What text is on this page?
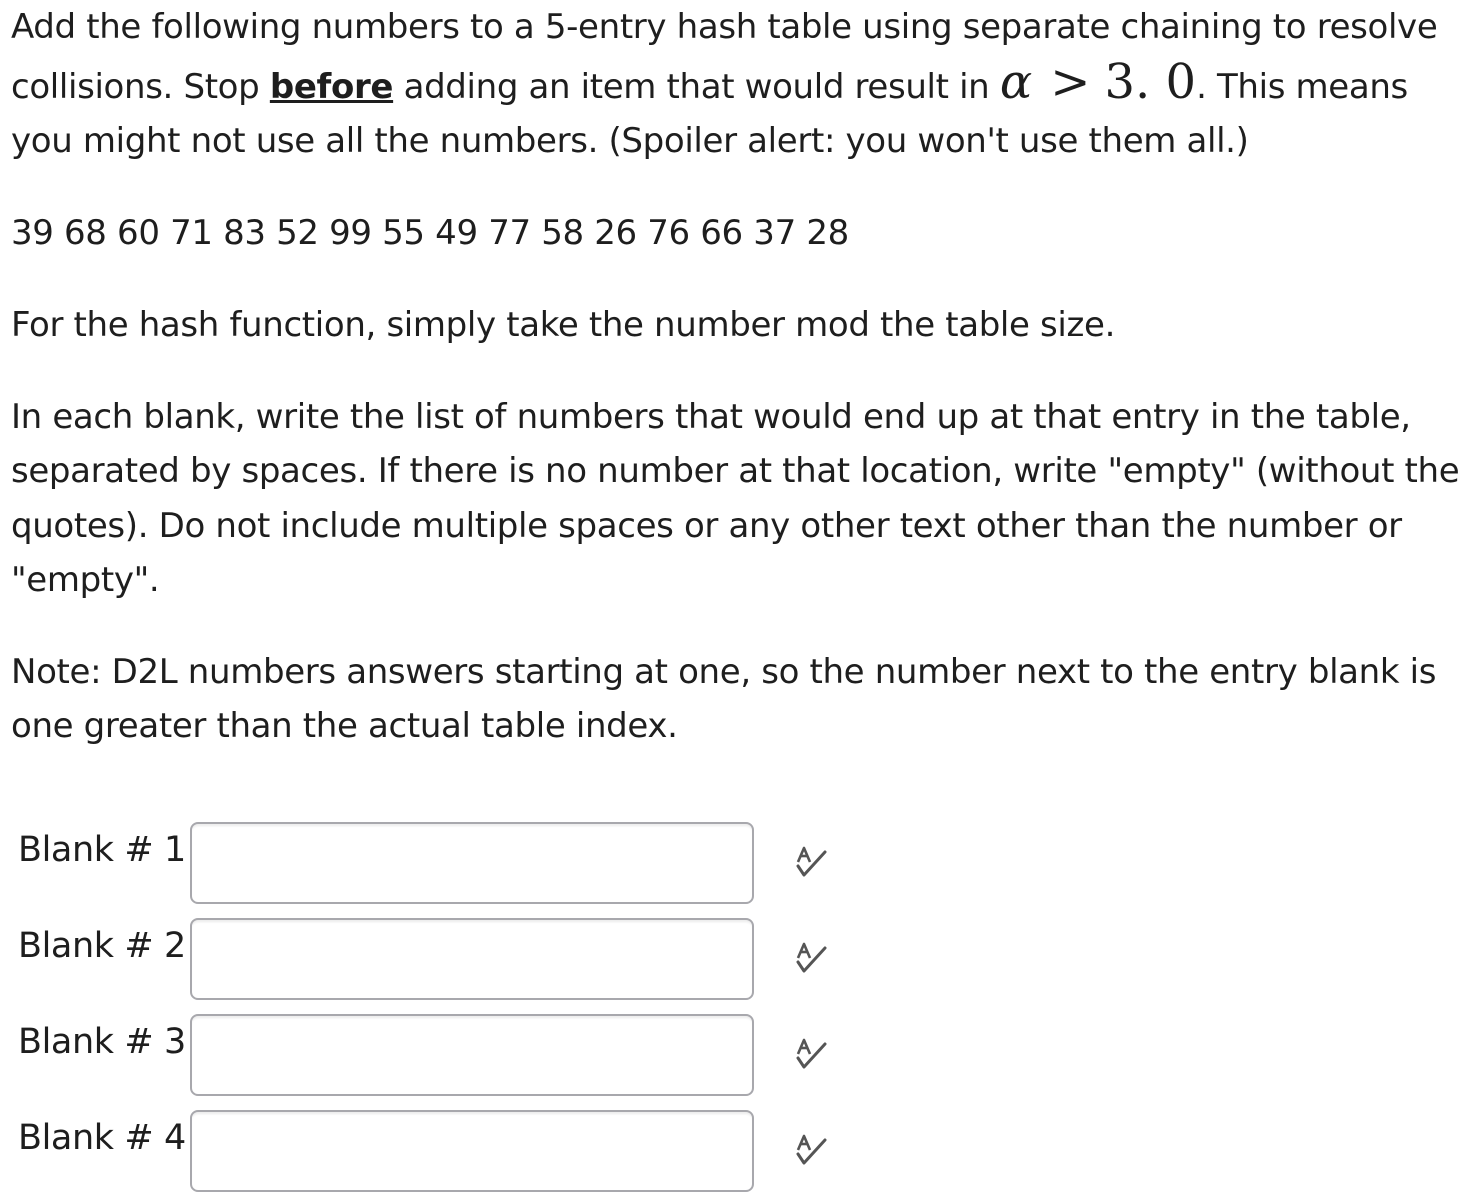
Add the following numbers to a 5-entry hash table using separate chaining to resolve collisions. Stop before adding an item that would result in α > 3. 0. This means you might not use all the numbers. (Spoiler alert: you won't use them all.)

39 68 60 71 83 52 99 55 49 77 58 26 76 66 37 28

For the hash function, simply take the number mod the table size.

In each blank, write the list of numbers that would end up at that entry in the table, separated by spaces. If there is no number at that location, write "empty" (without the quotes). Do not include multiple spaces or any other text other than the number or "empty".

Note: D2L numbers answers starting at one, so the number next to the entry blank is one greater than the actual table index.

Blank # 1
Blank # 2
Blank # 3
Blank # 4
